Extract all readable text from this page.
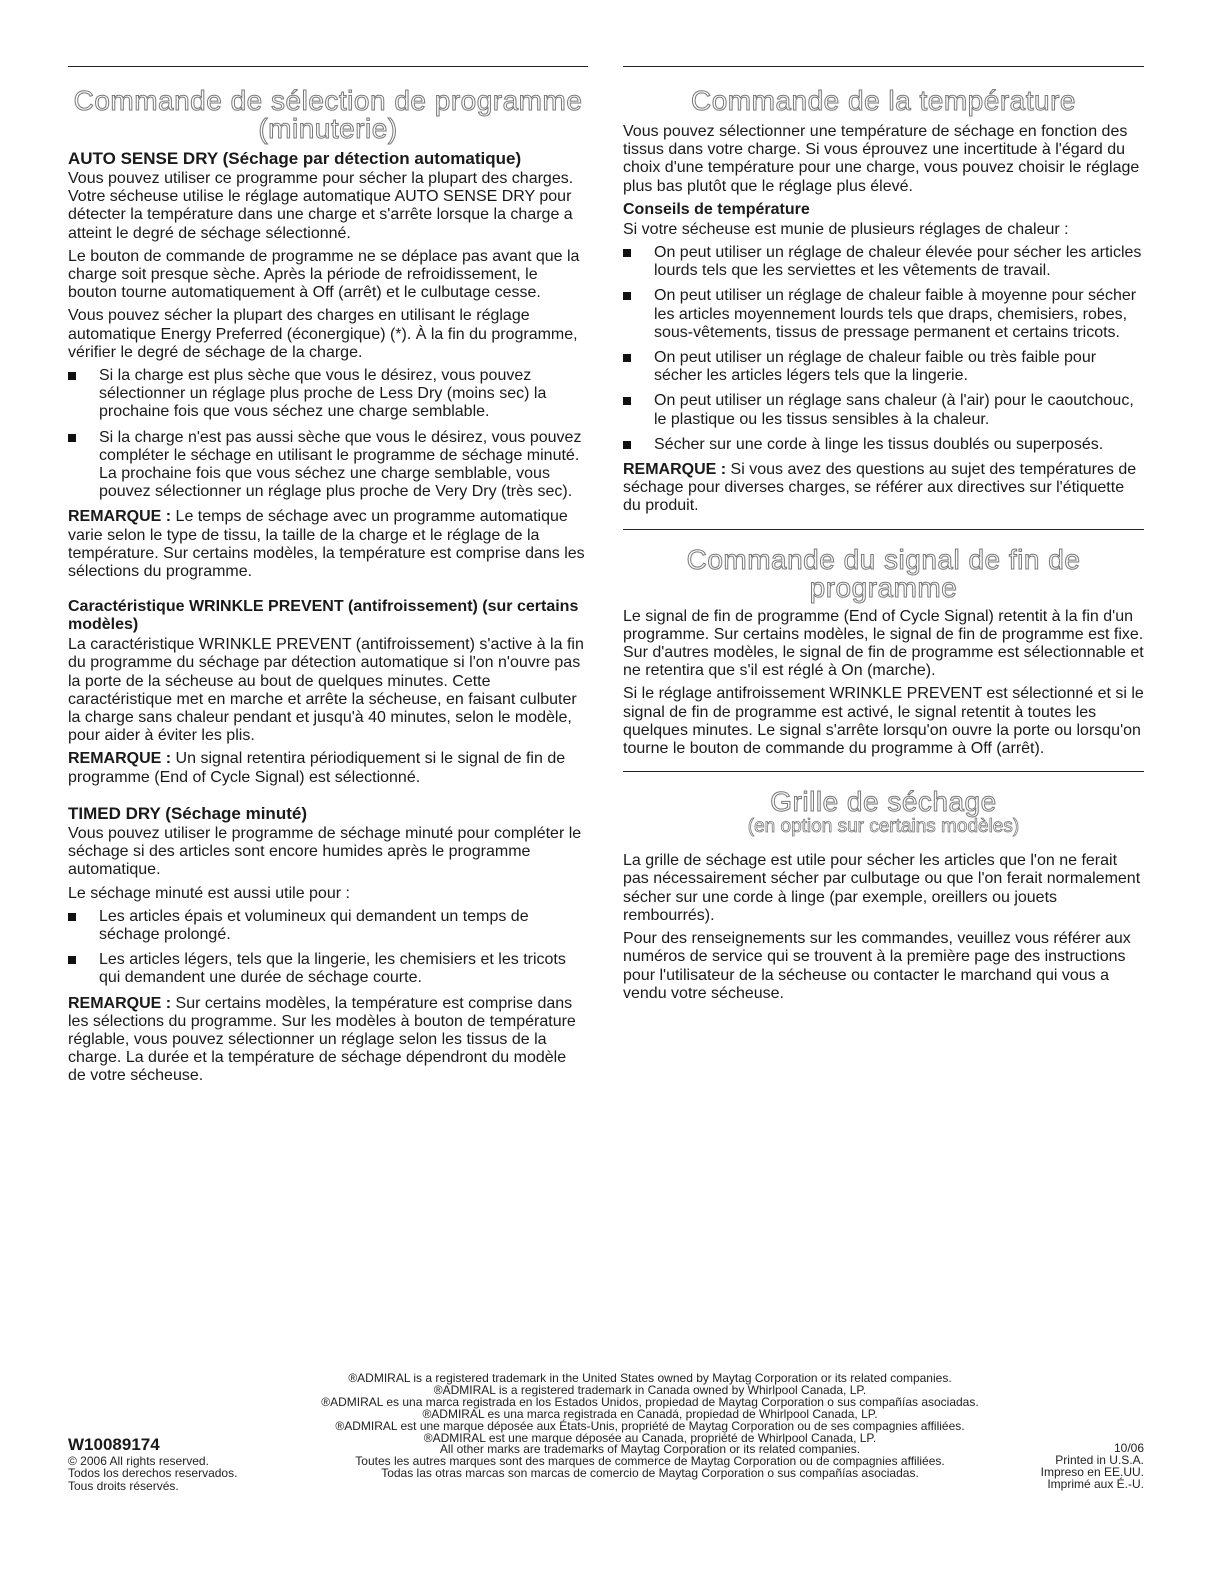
Commande de sélection de programme
(minuterie)
AUTO SENSE DRY (Séchage par détection automatique)

Vous pouvez utiliser ce programme pour sécher la plupart des charges. Votre sécheuse utilise le réglage automatique AUTO SENSE DRY pour détecter la température dans une charge et s'arrête lorsque la charge a atteint le degré de séchage sélectionné.

Le bouton de commande de programme ne se déplace pas avant que la charge soit presque sèche. Après la période de refroidissement, le bouton tourne automatiquement à Off (arrêt) et le culbutage cesse.

Vous pouvez sécher la plupart des charges en utilisant le réglage automatique Energy Preferred (éconergique) (*). À la fin du programme, vérifier le degré de séchage de la charge.

Si la charge est plus sèche que vous le désirez, vous pouvez sélectionner un réglage plus proche de Less Dry (moins sec) la prochaine fois que vous séchez une charge semblable.
Si la charge n'est pas aussi sèche que vous le désirez, vous pouvez compléter le séchage en utilisant le programme de séchage minuté. La prochaine fois que vous séchez une charge semblable, vous pouvez sélectionner un réglage plus proche de Very Dry (très sec).

REMARQUE : Le temps de séchage avec un programme automatique varie selon le type de tissu, la taille de la charge et le réglage de la température. Sur certains modèles, la température est comprise dans les sélections du programme.

Caractéristique WRINKLE PREVENT (antifroissement) (sur certains modèles)

La caractéristique WRINKLE PREVENT (antifroissement) s'active à la fin du programme du séchage par détection automatique si l'on n'ouvre pas la porte de la sécheuse au bout de quelques minutes. Cette caractéristique met en marche et arrête la sécheuse, en faisant culbuter la charge sans chaleur pendant et jusqu'à 40 minutes, selon le modèle, pour aider à éviter les plis.

REMARQUE : Un signal retentira périodiquement si le signal de fin de programme (End of Cycle Signal) est sélectionné.

TIMED DRY (Séchage minuté)

Vous pouvez utiliser le programme de séchage minuté pour compléter le séchage si des articles sont encore humides après le programme automatique.

Le séchage minuté est aussi utile pour :

Les articles épais et volumineux qui demandent un temps de séchage prolongé.
Les articles légers, tels que la lingerie, les chemisiers et les tricots qui demandent une durée de séchage courte.

REMARQUE : Sur certains modèles, la température est comprise dans les sélections du programme. Sur les modèles à bouton de température réglable, vous pouvez sélectionner un réglage selon les tissus de la charge. La durée et la température de séchage dépendront du modèle de votre sécheuse.

Commande de la température

Vous pouvez sélectionner une température de séchage en fonction des tissus dans votre charge. Si vous éprouvez une incertitude à l'égard du choix d'une température pour une charge, vous pouvez choisir le réglage plus bas plutôt que le réglage plus élevé.

Conseils de température

Si votre sécheuse est munie de plusieurs réglages de chaleur :

On peut utiliser un réglage de chaleur élevée pour sécher les articles lourds tels que les serviettes et les vêtements de travail.
On peut utiliser un réglage de chaleur faible à moyenne pour sécher les articles moyennement lourds tels que draps, chemisiers, robes, sous-vêtements, tissus de pressage permanent et certains tricots.
On peut utiliser un réglage de chaleur faible ou très faible pour sécher les articles légers tels que la lingerie.
On peut utiliser un réglage sans chaleur (à l'air) pour le caoutchouc, le plastique ou les tissus sensibles à la chaleur.
Sécher sur une corde à linge les tissus doublés ou superposés.

REMARQUE : Si vous avez des questions au sujet des températures de séchage pour diverses charges, se référer aux directives sur l'étiquette du produit.

Commande du signal de fin de
programme

Le signal de fin de programme (End of Cycle Signal) retentit à la fin d'un programme. Sur certains modèles, le signal de fin de programme est fixe. Sur d'autres modèles, le signal de fin de programme est sélectionnable et ne retentira que s'il est réglé à On (marche).

Si le réglage antifroissement WRINKLE PREVENT est sélectionné et si le signal de fin de programme est activé, le signal retentit à toutes les quelques minutes. Le signal s'arrête lorsqu'on ouvre la porte ou lorsqu'on tourne le bouton de commande du programme à Off (arrêt).

Grille de séchage
(en option sur certains modèles)

La grille de séchage est utile pour sécher les articles que l'on ne ferait pas nécessairement sécher par culbutage ou que l'on ferait normalement sécher sur une corde à linge (par exemple, oreillers ou jouets rembourrés).

Pour des renseignements sur les commandes, veuillez vous référer aux numéros de service qui se trouvent à la première page des instructions pour l'utilisateur de la sécheuse ou contacter le marchand qui vous a vendu votre sécheuse.

®ADMIRAL is a registered trademark in the United States owned by Maytag Corporation or its related companies.
®ADMIRAL is a registered trademark in Canada owned by Whirlpool Canada, LP.
®ADMIRAL es una marca registrada en los Estados Unidos, propiedad de Maytag Corporation o sus compañías asociadas.
®ADMIRAL es una marca registrada en Canadá, propiedad de Whirlpool Canada, LP.
®ADMIRAL est une marque déposée aux États-Unis, propriété de Maytag Corporation ou de ses compagnies affiliées.
®ADMIRAL est une marque déposée au Canada, propriété de Whirlpool Canada, LP.
All other marks are trademarks of Maytag Corporation or its related companies.
Toutes les autres marques sont des marques de commerce de Maytag Corporation ou de compagnies affiliées.
Todas las otras marcas son marcas de comercio de Maytag Corporation o sus compañías asociadas.
W10089174
© 2006 All rights reserved.
Todos los derechos reservados.
Tous droits réservés.
10/06
Printed in U.S.A.
Impreso en EE.UU.
Imprimé aux É.-U.
